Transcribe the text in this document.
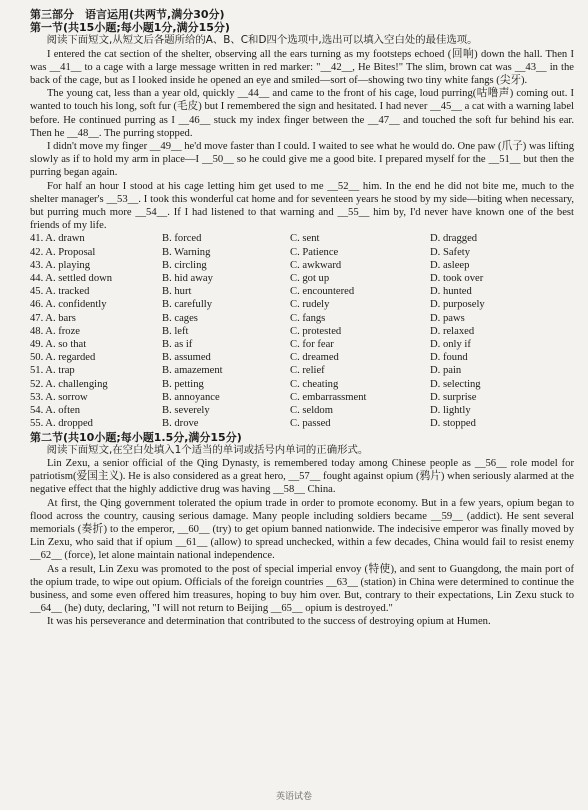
第三部分　语言运用(共两节,满分30分)
第一节(共15小题;每小题1分,满分15分)

阅读下面短文,从短文后各题所给的A、B、C和D四个选项中,选出可以填入空白处的最佳选项。

I entered the cat section of the shelter, observing all the ears turning as my footsteps echoed (回响) down the hall. Then I was __41__ to a cage with a large message written in red marker: "__42__, He Bites!" The slim, brown cat was __43__ in the back of the cage, but as I looked inside he opened an eye and smiled—sort of—showing two tiny white fangs (尖牙).

The young cat, less than a year old, quickly __44__ and came to the front of his cage, loud purring(咕噜声) coming out. I wanted to touch his long, soft fur (毛皮) but I remembered the sign and hesitated. I had never __45__ a cat with a warning label before. He continued purring as I __46__ stuck my index finger between the __47__ and touched the soft fur behind his ear. Then he __48__. The purring stopped.

I didn't move my finger __49__ he'd move faster than I could. I waited to see what he would do. One paw (爪子) was lifting slowly as if to hold my arm in place—I __50__ so he could give me a good bite. I prepared myself for the __51__ but then the purring began again.

For half an hour I stood at his cage letting him get used to me __52__ him. In the end he did not bite me, much to the shelter manager's __53__. I took this wonderful cat home and for seventeen years he stood by my side—biting when necessary, but purring much more __54__. If I had listened to that warning and __55__ him by, I'd never have known one of the best friends of my life.

41. A. drawn	B. forced	C. sent	D. dragged
42. A. Proposal	B. Warning	C. Patience	D. Safety
43. A. playing	B. circling	C. awkward	D. asleep
44. A. settled down	B. hid away	C. got up	D. took over
45. A. tracked	B. hurt	C. encountered	D. hunted
46. A. confidently	B. carefully	C. rudely	D. purposely
47. A. bars	B. cages	C. fangs	D. paws
48. A. froze	B. left	C. protested	D. relaxed
49. A. so that	B. as if	C. for fear	D. only if
50. A. regarded	B. assumed	C. dreamed	D. found
51. A. trap	B. amazement	C. relief	D. pain
52. A. challenging	B. petting	C. cheating	D. selecting
53. A. sorrow	B. annoyance	C. embarrassment	D. surprise
54. A. often	B. severely	C. seldom	D. lightly
55. A. dropped	B. drove	C. passed	D. stopped
第二节(共10小题;每小题1.5分,满分15分)

阅读下面短文,在空白处填入1个适当的单词或括号内单词的正确形式。

Lin Zexu, a senior official of the Qing Dynasty, is remembered today among Chinese people as __56__ role model for patriotism(爱国主义). He is also considered as a great hero, __57__ fought against opium (鸦片) when seriously alarmed at the negative effect that the highly addictive drug was having __58__ China.

At first, the Qing government tolerated the opium trade in order to promote economy. But in a few years, opium began to flood across the country, causing serious damage. Many people including soldiers became __59__ (addict). He sent several memorials (奏折) to the emperor, __60__ (try) to get opium banned nationwide. The indecisive emperor was finally moved by Lin Zexu, who said that if opium __61__ (allow) to spread unchecked, within a few decades, China would fail to resist enemy __62__ (force), let alone maintain national independence.

As a result, Lin Zexu was promoted to the post of special imperial envoy (特使), and sent to Guangdong, the main port of the opium trade, to wipe out opium. Officials of the foreign countries __63__ (station) in China were determined to continue the business, and some even offered him treasures, hoping to buy him over. But, contrary to their expectations, Lin Zexu stuck to __64__ (he) duty, declaring, "I will not return to Beijing __65__ opium is destroyed."

It was his perseverance and determination that contributed to the success of destroying opium at Humen.

英语试卷
